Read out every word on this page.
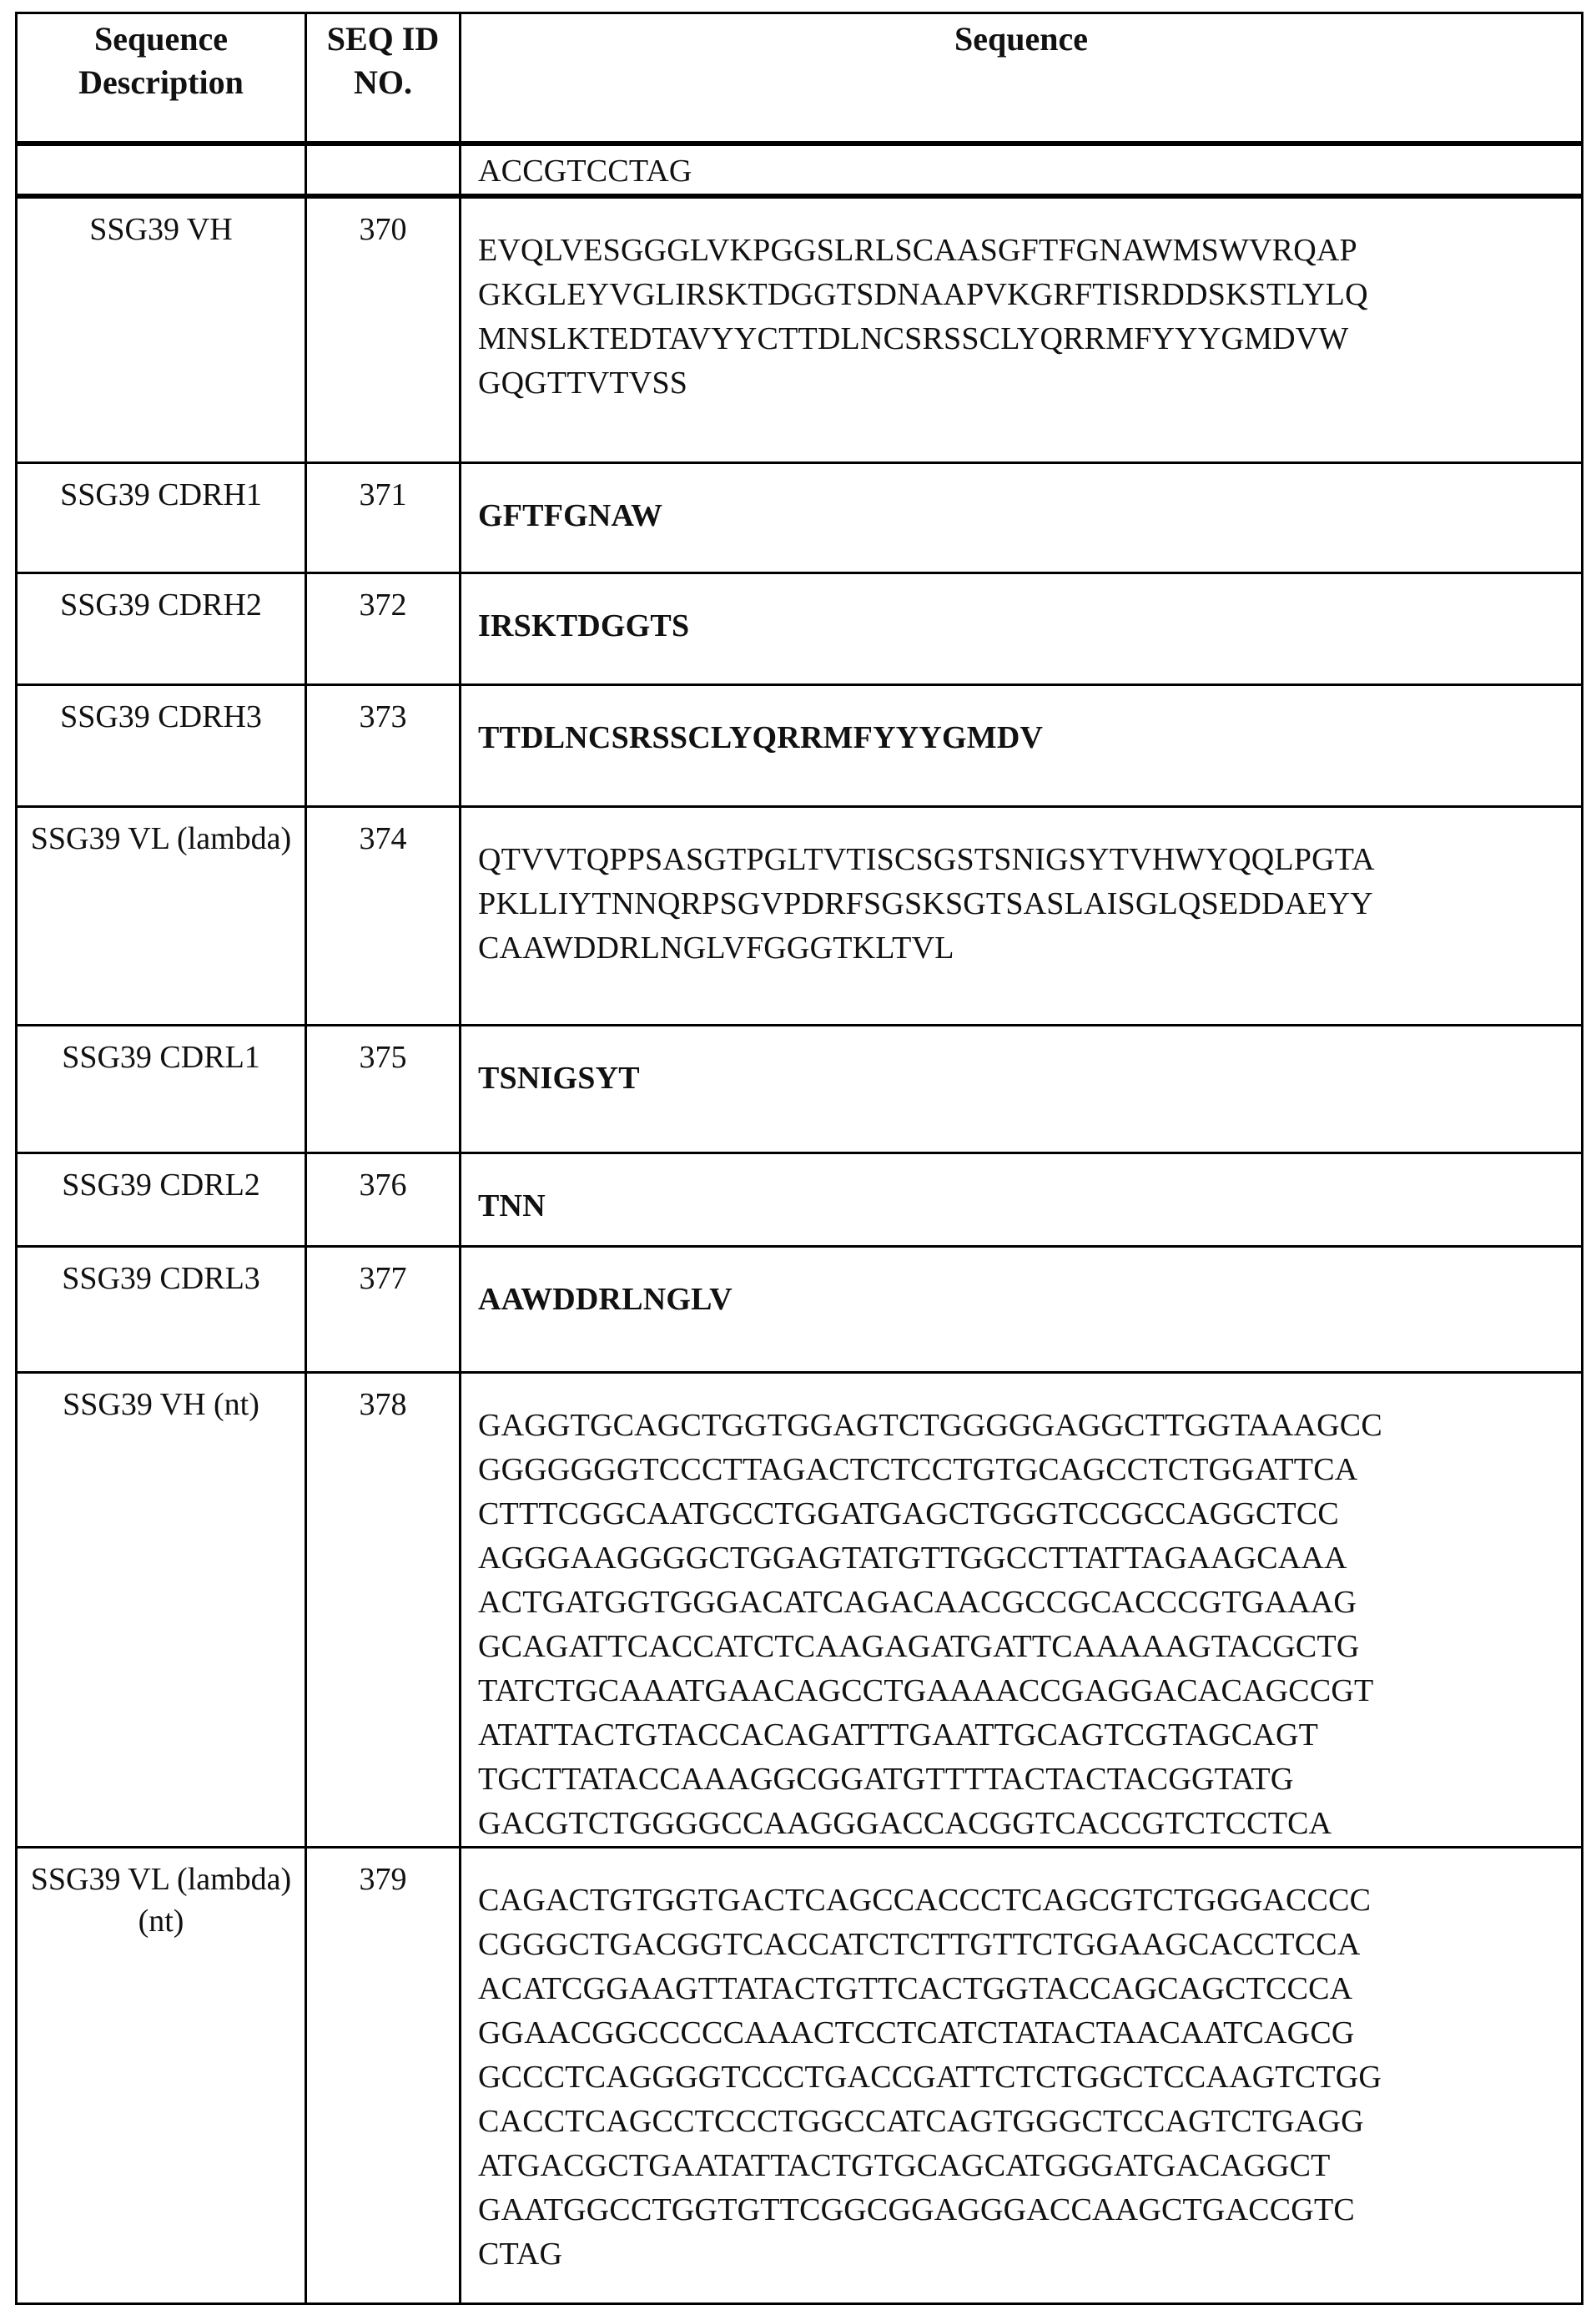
Sequence Description	SEQ ID NO.	Sequence

		ACCGTCCTAG

SSG39 VH	370	EVQLVESGGGLVKPGGSLRLSCAASGFTFGNAWMSWVRQAP
GKGLEYVGLIRSKTDGGTSDNAAPVKGRFTISRDDSKSTLYLQ
MNSLKTEDTAVYYCTTDLNCSRSSCLYQRRMFYYYGMDVW
GQGTTVTVSS

SSG39 CDRH1	371	GFTFGNAW

SSG39 CDRH2	372	IRSKTDGGTS

SSG39 CDRH3	373	TTDLNCSRSSCLYQRRMFYYYGMDV

SSG39 VL (lambda)	374	QTVVTQPPSASGTPGLTVTISCSGSTSNIGSYTVHWYQQLPGTA
PKLLIYTNNQRPSGVPDRFSGSKSGTSASLAISGLQSEDDAEYY
CAAWDDRLNGLVFGGGTKLTVL

SSG39 CDRL1	375	TSNIGSYT

SSG39 CDRL2	376	TNN

SSG39 CDRL3	377	AAWDDRLNGLV

SSG39 VH (nt)	378	
GAGGTGCAGCTGGTGGAGTCTGGGGGAGGCTTGGTAAAGCC
GGGGGGGTCCCTTAGACTCTCCTGTGCAGCCTCTGGATTCA
CTTTCGGCAATGCCTGGATGAGCTGGGTCCGCCAGGCTCC
AGGGAAGGGGCTGGAGTATGTTGGCCTTATTAGAAGCAAA
ACTGATGGTGGGACATCAGACAACGCCGCACCCGTGAAAG
GCAGATTCACCATCTCAAGAGATGATTCAAAAAGTACGCTG
TATCTGCAAATGAACAGCCTGAAAACCGAGGACACAGCCGT
ATATTACTGTACCACAGATTTGAATTGCAGTCGTAGCAGT
TGCTTATACCAAAGGCGGATGTTTTACTACTACGGTATG
GACGTCTGGGGCCAAGGGACCACGGTCACCGTCTCCTCA

SSG39 VL (lambda) (nt)	379	
CAGACTGTGGTGACTCAGCCACCCTCAGCGTCTGGGACCCC
CGGGCTGACGGTCACCATCTCTTGTTCTGGAAGCACCTCCA
ACATCGGAAGTTATACTGTTCACTGGTACCAGCAGCTCCCA
GGAACGGCCCCCAAACTCCTCATCTATACTAACAATCAGCG
GCCCTCAGGGGTCCCTGACCGATTCTCTGGCTCCAAGTCTGG
CACCTCAGCCTCCCTGGCCATCAGTGGGCTCCAGTCTGAGG
ATGACGCTGAATATTACTGTGCAGCATGGGATGACAGGCT
GAATGGCCTGGTGTTCGGCGGAGGGACCAAGCTGACCGTC
CTAG
